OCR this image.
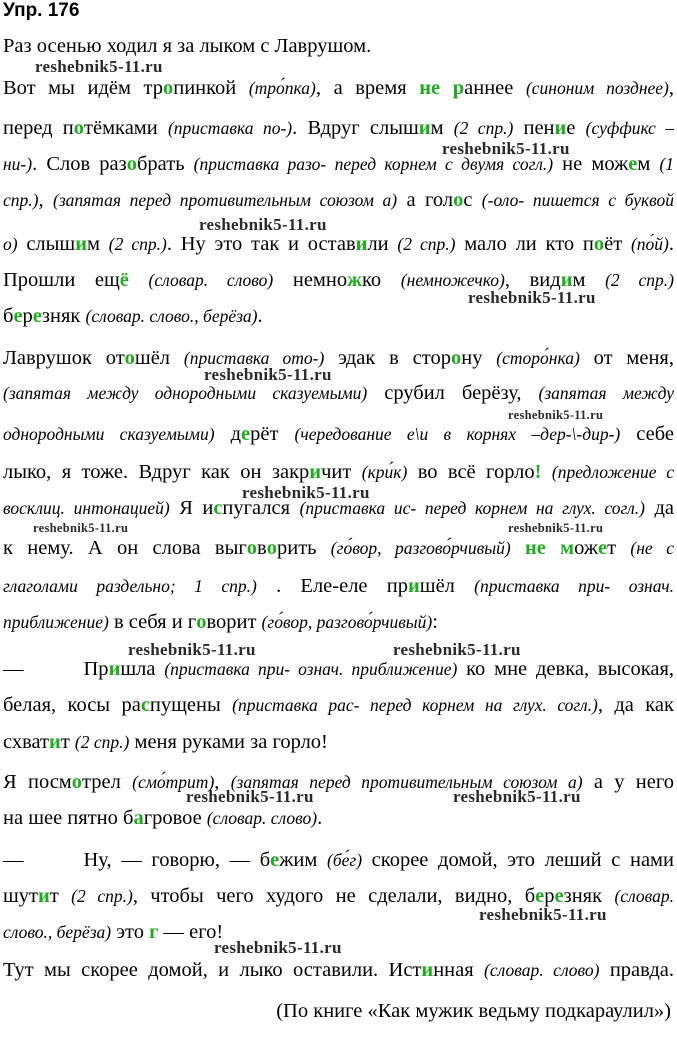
Упр. 176
Раз осенью ходил я за лыком с Лаврушом.
Вот мы идём тропинкой (тро́пка), а время не раннее (синоним позднее),
перед потёмками (приставка по-). Вдруг слышим (2 спр.) пение (суффикс –
ни-). Слов разобрать (приставка разо- перед корнем с двумя согл.) не можем (1
спр.), (запятая перед противительным союзом а) а голос (-оло- пишется с буквой
о) слышим (2 спр.). Ну это так и оставили (2 спр.) мало ли кто поёт (по́й).
Прошли ещё (словар. слово) немножко (немножечко), видим (2 спр.)
березняк (словар. слово., берёза).
Лаврушок отошёл (приставка ото-) эдак в сторону (сторо́нка) от меня,
(запятая между однородными сказуемыми) срубил берёзу, (запятая между
однородными сказуемыми) дерёт (чередование е\и в корнях –дер-\-дир-) себе
лыко, я тоже. Вдруг как он закричит (кри́к) во всё горло! (предложение с
восклиц. интонацией) Я испугался (приставка ис- перед корнем на глух. согл.) да
к нему. А он слова выговорить (го́вор, разгово́рчивый) не может (не с
глаголами раздельно; 1 спр.) . Еле-еле пришёл (приставка при- означ.
приближение) в себя и говорит (го́вор, разгово́рчивый):
—	Пришла (приставка при- означ. приближение) ко мне девка, высокая,
белая, косы распущены (приставка рас- перед корнем на глух. согл.), да как
схватит (2 спр.) меня руками за горло!
Я посмотрел (смо́трит), (запятая перед противительным союзом а) а у него
на шее пятно багровое (словар. слово).
—	Ну, — говорю, — бежим (бе́г) скорее домой, это леший с нами
шутит (2 спр.), чтобы чего худого не сделали, видно, березняк (словар.
слово., берёза) это г — его!
Тут мы скорее домой, и лыко оставили. Истинная (словар. слово) правда.
(По книге «Как мужик ведьму подкараулил»)
reshebnik5-11.ru
reshebnik5-11.ru
reshebnik5-11.ru
reshebnik5-11.ru
reshebnik5-11.ru
reshebnik5-11.ru
reshebnik5-11.ru
reshebnik5-11.ru	reshebnik5-11.ru
reshebnik5-11.ru	reshebnik5-11.ru
reshebnik5-11.ru	reshebnik5-11.ru
reshebnik5-11.ru
reshebnik5-11.ru
